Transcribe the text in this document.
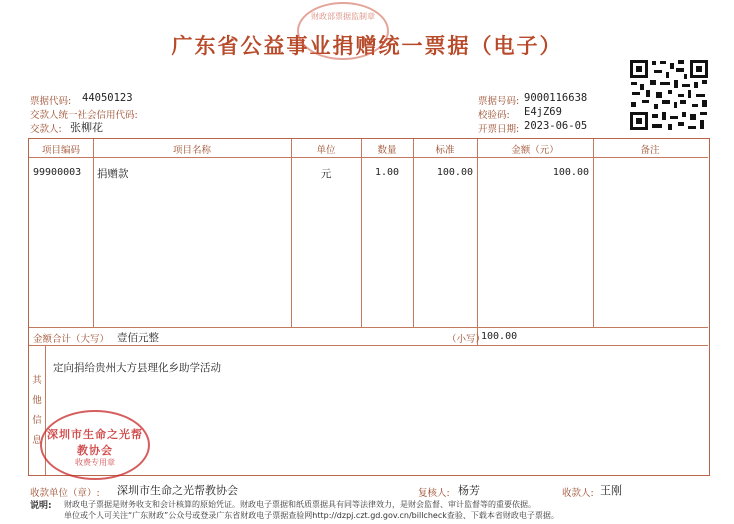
广东省公益事业捐赠统一票据（电子）
财政部票据监制章
票据代码: 44050123
交款人统一社会信用代码:
交款人: 张柳花
票据号码: 9000116638
校验码: E4jZ69
开票日期: 2023-06-05
项目编码	项目名称	单位	数量	标准	金额（元）	备注
99900003 捐赠款	元	1.00	100.00	100.00
金额合计（大写） 壹佰元整	（小写）
100.00
其他信息
定向捐给贵州大方县理化乡助学活动
深圳市生命之光帮教协会
收费专用章
收款单位（章）: 深圳市生命之光帮教协会	复核人: 杨芳	收款人: 王刚
说明: 财政电子票据是财务收支和会计核算的原始凭证。财政电子票据和纸质票据具有同等法律效力，是财会监督、审计监督等的重要依据。
单位或个人可关注“广东财政”公众号或登录广东省财政电子票据查验网http://dzpj.czt.gd.gov.cn/billcheck查验、下载本省财政电子票据。
